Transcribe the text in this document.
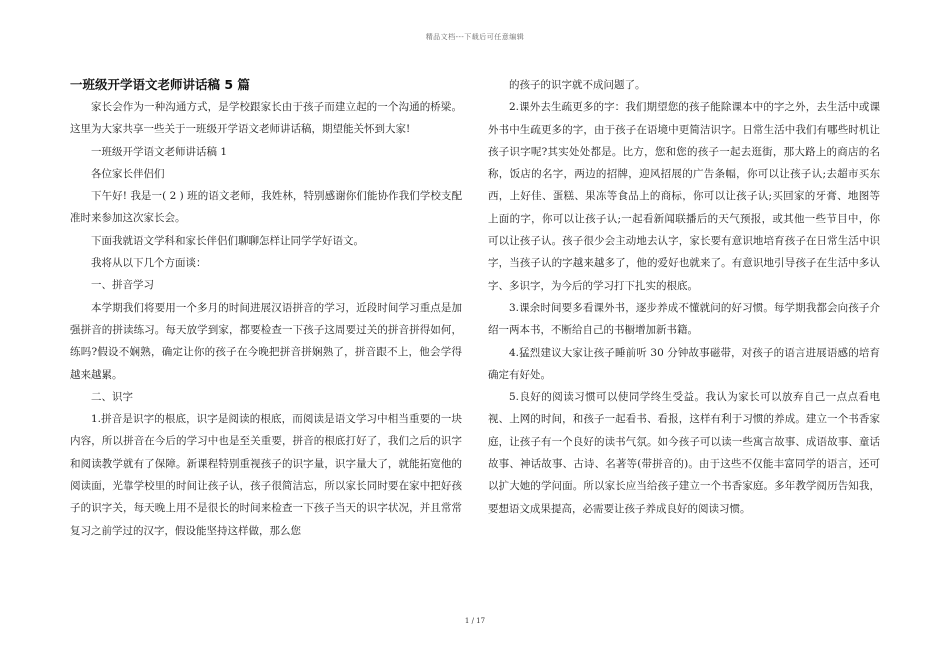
精品文档---下载后可任意编辑
一班级开学语文老师讲话稿 5 篇

家长会作为一种沟通方式，是学校跟家长由于孩子而建立起的一个沟通的桥梁。这里为大家共享一些关于一班级开学语文老师讲话稿，期望能关怀到大家!

一班级开学语文老师讲话稿 1

各位家长伴侣们

下午好! 我是一( 2 ) 班的语文老师，我姓林，特别感谢你们能协作我们学校支配准时来参加这次家长会。

下面我就语文学科和家长伴侣们聊聊怎样让同学学好语文。

我将从以下几个方面谈：

一、拼音学习

本学期我们将要用一个多月的时间进展汉语拼音的学习，近段时间学习重点是加强拼音的拼读练习。每天放学到家，都要检查一下孩子这周要过关的拼音拼得如何，练吗?假设不娴熟，确定让你的孩子在今晚把拼音拼娴熟了，拼音跟不上，他会学得越来越累。

二、识字

1.拼音是识字的根底，识字是阅读的根底，而阅读是语文学习中相当重要的一块内容，所以拼音在今后的学习中也是至关重要，拼音的根底打好了，我们之后的识字和阅读教学就有了保障。新课程特别重视孩子的识字量，识字量大了，就能拓宽他的阅读面，光靠学校里的时间让孩子认，孩子很简洁忘，所以家长同时要在家中把好孩子的识字关，每天晚上用不是很长的时间来检查一下孩子当天的识字状况，并且常常复习之前学过的汉字，假设能坚持这样做，那么您

的孩子的识字就不成问题了。

2.课外去生疏更多的字：我们期望您的孩子能除课本中的字之外，去生活中或课外书中生疏更多的字，由于孩子在语境中更简洁识字。日常生活中我们有哪些时机让孩子识字呢?其实处处都是。比方，您和您的孩子一起去逛街，那大路上的商店的名称，饭店的名字，两边的招牌，迎风招展的广告条幅，你可以让孩子认;去超市买东西，上好佳、蛋糕、果冻等食品上的商标，你可以让孩子认;买回家的牙膏、地图等上面的字，你可以让孩子认;一起看新闻联播后的天气预报，或其他一些节目中，你可以让孩子认。孩子很少会主动地去认字，家长要有意识地培育孩子在日常生活中识字，当孩子认的字越来越多了，他的爱好也就来了。有意识地引导孩子在生活中多认字、多识字，为今后的学习打下扎实的根底。

3.课余时间要多看课外书，逐步养成不懂就问的好习惯。每学期我都会向孩子介绍一两本书，不断给自己的书橱增加新书籍。

4.猛烈建议大家让孩子睡前听 30 分钟故事磁带，对孩子的语言进展语感的培育确定有好处。

5.良好的阅读习惯可以使同学终生受益。我认为家长可以放弃自己一点点看电视、上网的时间，和孩子一起看书、看报，这样有利于习惯的养成。建立一个书香家庭，让孩子有一个良好的读书气氛。如今孩子可以读一些寓言故事、成语故事、童话故事、神话故事、古诗、名著等(带拼音的)。由于这些不仅能丰富同学的语言，还可以扩大她的学问面。所以家长应当给孩子建立一个书香家庭。多年教学阅历告知我，要想语文成果提高，必需要让孩子养成良好的阅读习惯。

1 / 17
